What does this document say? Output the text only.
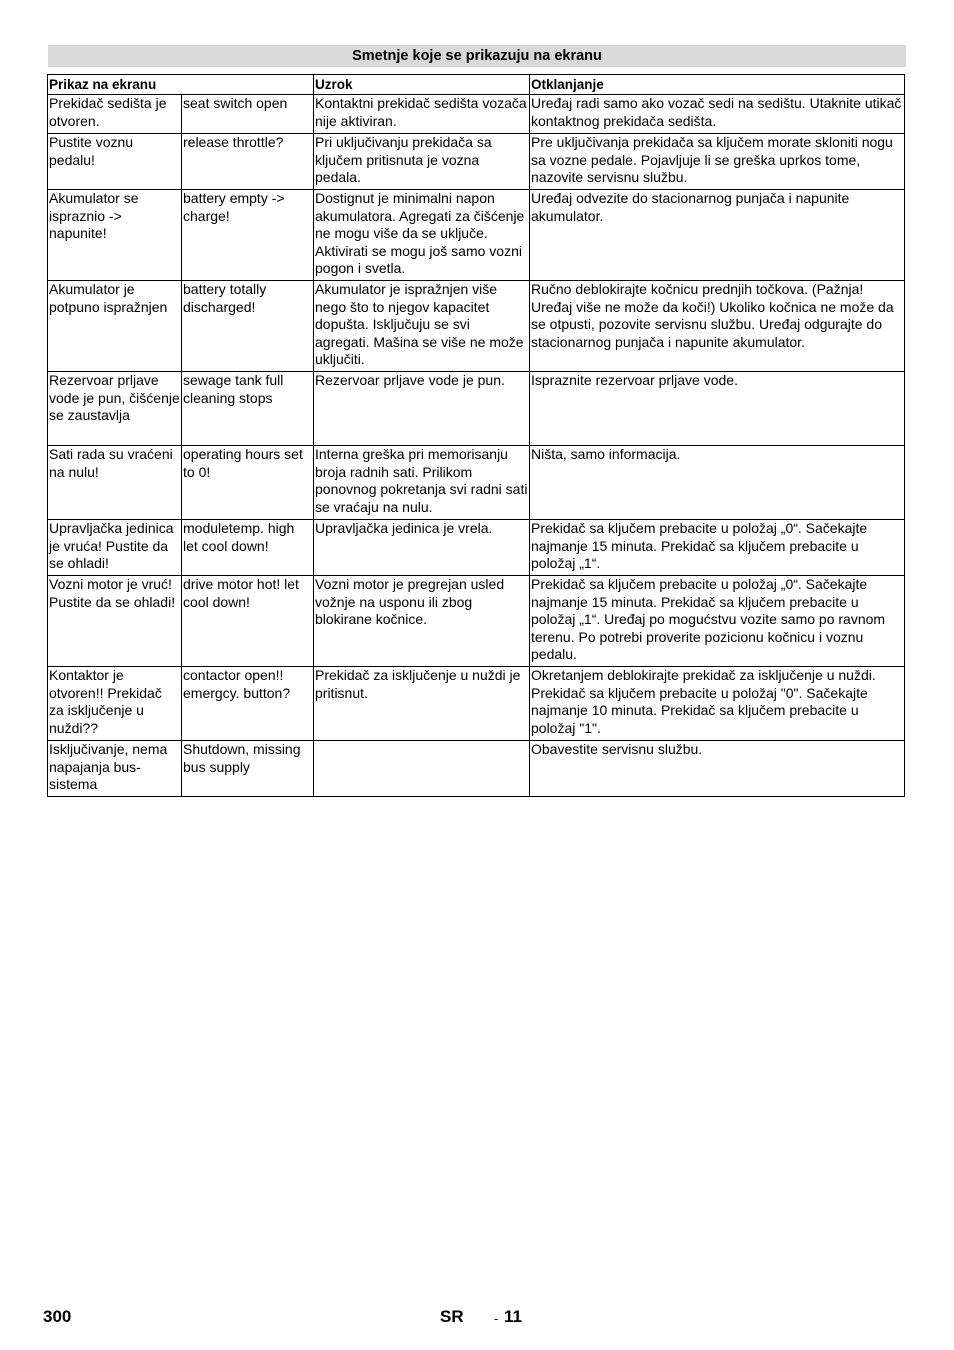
Smetnje koje se prikazuju na ekranu
Prikaz na ekranu		Uzrok	Otklanjanje
Prekidač sedišta je otvoren.	seat switch open	Kontaktni prekidač sedišta vozača nije aktiviran.	Uređaj radi samo ako vozač sedi na sedištu. Utaknite utikač kontaktnog prekidača sedišta.
Pustite voznu pedalu!	release throttle?	Pri uključivanju prekidača sa ključem pritisnuta je vozna pedala.	Pre uključivanja prekidača sa ključem morate skloniti nogu sa vozne pedale. Pojavljuje li se greška uprkos tome, nazovite servisnu službu.
Akumulator se ispraznio -> napunite!	battery empty -> charge!	Dostignut je minimalni napon akumulatora. Agregati za čišćenje ne mogu više da se uključe. Aktivirati se mogu još samo vozni pogon i svetla.	Uređaj odvezite do stacionarnog punjača i napunite akumulator.
Akumulator je potpuno ispražnjen	battery totally discharged!	Akumulator je ispražnjen više nego što to njegov kapacitet dopušta. Isključuju se svi agregati. Mašina se više ne može uključiti.	Ručno deblokirajte kočnicu prednjih točkova. (Pažnja! Uređaj više ne može da koči!) Ukoliko kočnica ne može da se otpusti, pozovite servisnu službu. Uređaj odgurajte do stacionarnog punjača i napunite akumulator.
Rezervoar prljave vode je pun, čišćenje se zaustavlja	sewage tank full cleaning stops	Rezervoar prljave vode je pun.	Ispraznite rezervoar prljave vode.
Sati rada su vraćeni na nulu!	operating hours set to 0!	Interna greška pri memorisanju broja radnih sati. Prilikom ponovnog pokretanja svi radni sati se vraćaju na nulu.	Ništa, samo informacija.
Upravljačka jedinica je vruća! Pustite da se ohladi!	moduletemp. high let cool down!	Upravljačka jedinica je vrela.	Prekidač sa ključem prebacite u položaj „0“. Sačekajte najmanje 15 minuta. Prekidač sa ključem prebacite u položaj „1“.
Vozni motor je vruć! Pustite da se ohladi!	drive motor hot! let cool down!	Vozni motor je pregrejan usled vožnje na usponu ili zbog blokirane kočnice.	Prekidač sa ključem prebacite u položaj „0“. Sačekajte najmanje 15 minuta. Prekidač sa ključem prebacite u položaj „1“. Uređaj po mogućstvu vozite samo po ravnom terenu. Po potrebi proverite pozicionu kočnicu i voznu pedalu.
Kontaktor je otvoren!! Prekidač za isključenje u nuždi??	contactor open!! emergcy. button?	Prekidač za isključenje u nuždi je pritisnut.	Okretanjem deblokirajte prekidač za isključenje u nuždi. Prekidač sa ključem prebacite u položaj "0". Sačekajte najmanje 10 minuta. Prekidač sa ključem prebacite u položaj "1".
Isključivanje, nema napajanja bus-sistema	Shutdown, missing bus supply		Obavestite servisnu službu.
300	SR - 11
